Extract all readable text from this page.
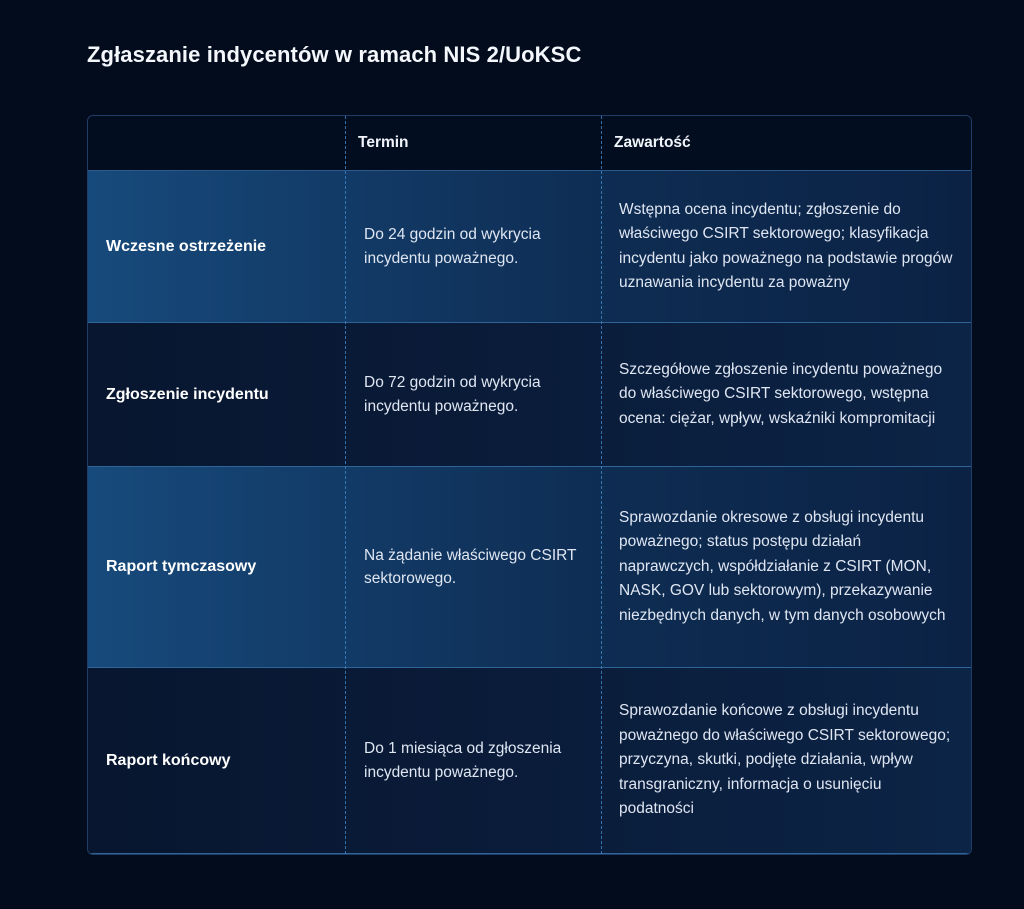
Zgłaszanie indycentów w ramach NIS 2/UoKSC
Termin	Zawartość
Wczesne ostrzeżenie
Do 24 godzin od wykrycia incydentu poważnego.
Wstępna ocena incydentu; zgłoszenie do właściwego CSIRT sektorowego; klasyfikacja incydentu jako poważnego na podstawie progów uznawania incydentu za poważny
Zgłoszenie incydentu
Do 72 godzin od wykrycia incydentu poważnego.
Szczegółowe zgłoszenie incydentu poważnego do właściwego CSIRT sektorowego, wstępna ocena: ciężar, wpływ, wskaźniki kompromitacji
Raport tymczasowy
Na żądanie właściwego CSIRT sektorowego.
Sprawozdanie okresowe z obsługi incydentu poważnego; status postępu działań naprawczych, współdziałanie z CSIRT (MON, NASK, GOV lub sektorowym), przekazywanie niezbędnych danych, w tym danych osobowych
Raport końcowy
Do 1 miesiąca od zgłoszenia incydentu poważnego.
Sprawozdanie końcowe z obsługi incydentu poważnego do właściwego CSIRT sektorowego; przyczyna, skutki, podjęte działania, wpływ transgraniczny, informacja o usunięciu podatności
